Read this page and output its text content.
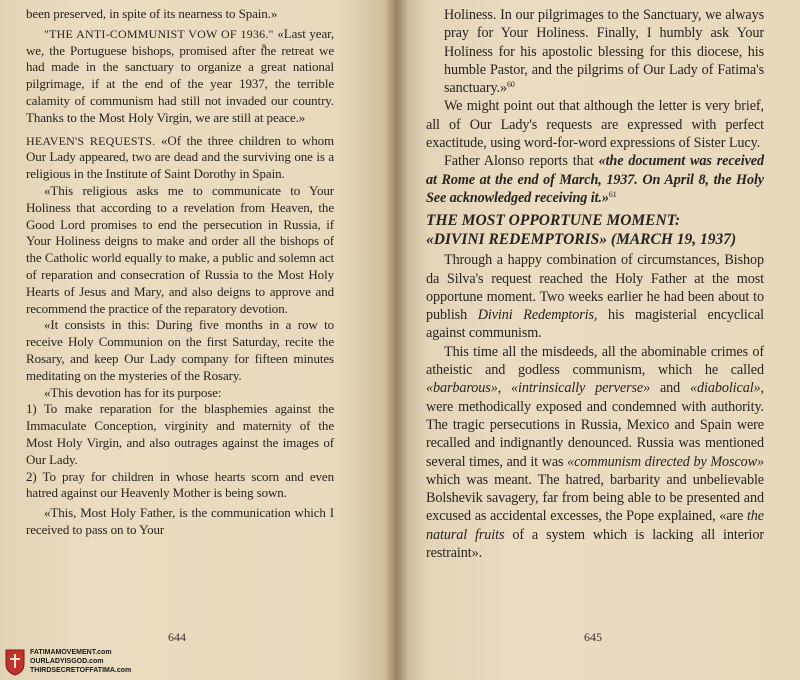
been preserved, in spite of its nearness to Spain.»

"THE ANTI-COMMUNIST VOW OF 1936." «Last year, we, the Portuguese bishops, promised after the retreat we had made in the sanctuary to organize a great national pilgrimage, if at the end of the year 1937, the terrible calamity of communism had still not invaded our country. Thanks to the Most Holy Virgin, we are still at peace.»

HEAVEN'S REQUESTS. «Of the three children to whom Our Lady appeared, two are dead and the surviving one is a religious in the Institute of Saint Dorothy in Spain.

«This religious asks me to communicate to Your Holiness that according to a revelation from Heaven, the Good Lord promises to end the persecution in Russia, if Your Holiness deigns to make and order all the bishops of the Catholic world equally to make, a public and solemn act of reparation and consecration of Russia to the Most Holy Hearts of Jesus and Mary, and also deigns to approve and recommend the practice of the reparatory devotion.

«It consists in this: During five months in a row to receive Holy Communion on the first Saturday, recite the Rosary, and keep Our Lady company for fifteen minutes meditating on the mysteries of the Rosary.

«This devotion has for its purpose:

1) To make reparation for the blasphemies against the Immaculate Conception, virginity and maternity of the Most Holy Virgin, and also outrages against the images of Our Lady.

2) To pray for children in whose hearts scorn and even hatred against our Heavenly Mother is being sown.

«This, Most Holy Father, is the communication which I received to pass on to Your

644
FATIMAMOVEMENT.com
OURLADYISGOD.com
THIRDSECRETOFFATIMA.com

Holiness. In our pilgrimages to the Sanctuary, we always pray for Your Holiness. Finally, I humbly ask Your Holiness for his apostolic blessing for this diocese, his humble Pastor, and the pilgrims of Our Lady of Fatima's sanctuary.»$^{60}$

We might point out that although the letter is very brief, all of Our Lady's requests are expressed with perfect exactitude, using word-for-word expressions of Sister Lucy.

Father Alonso reports that «the document was received at Rome at the end of March, 1937. On April 8, the Holy See acknowledged receiving it.»$^{61}$

THE MOST OPPORTUNE MOMENT:
«DIVINI REDEMPTORIS» (MARCH 19, 1937)

Through a happy combination of circumstances, Bishop da Silva's request reached the Holy Father at the most opportune moment. Two weeks earlier he had been about to publish Divini Redemptoris, his magisterial encyclical against communism.

This time all the misdeeds, all the abominable crimes of atheistic and godless communism, which he called «barbarous», «intrinsically perverse» and «diabolical», were methodically exposed and condemned with authority. The tragic persecutions in Russia, Mexico and Spain were recalled and indignantly denounced. Russia was mentioned several times, and it was «communism directed by Moscow» which was meant. The hatred, barbarity and unbelievable Bolshevik savagery, far from being able to be presented and excused as accidental excesses, the Pope explained, «are the natural fruits of a system which is lacking all interior restraint».

645
